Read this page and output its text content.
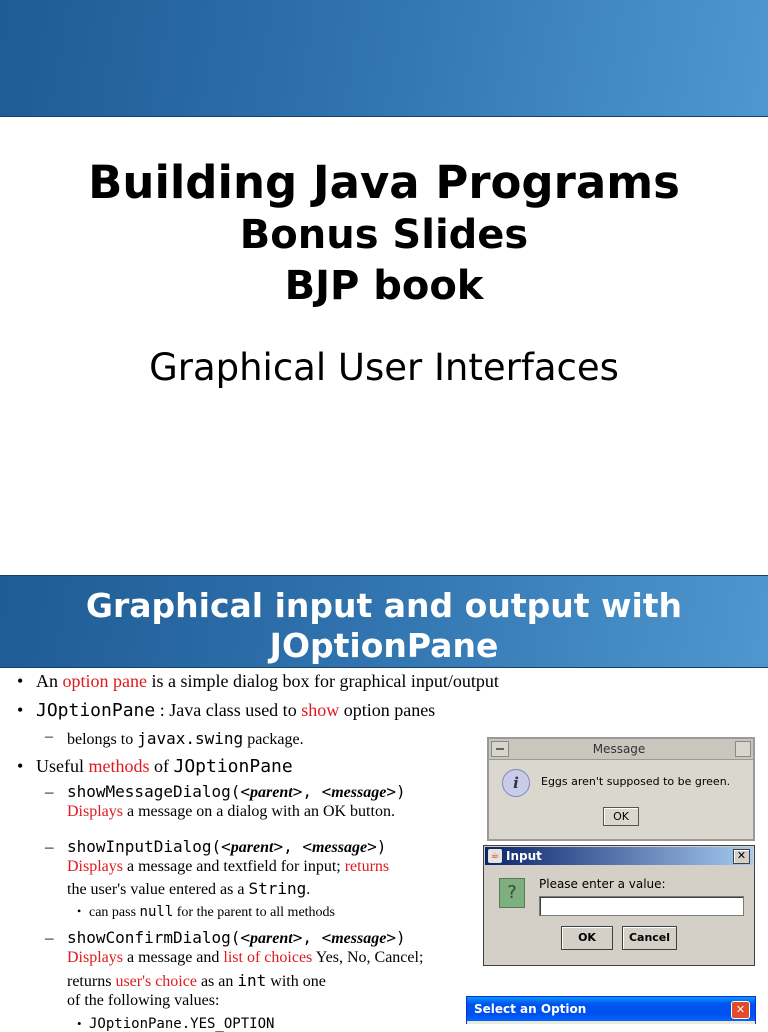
Building Java Programs
Bonus Slides
BJP book
Graphical User Interfaces
Graphical input and output with
JOptionPane
• An option pane is a simple dialog box for graphical input/output
• JOptionPane : Java class used to show option panes
– belongs to javax.swing package.
• Useful methods of JOptionPane
– showMessageDialog(<parent>, <message>)
Displays a message on a dialog with an OK button.
– showInputDialog(<parent>, <message>)
Displays a message and textfield for input; returns
the user's value entered as a String.
• can pass null for the parent to all methods
– showConfirmDialog(<parent>, <message>)
Displays a message and list of choices Yes, No, Cancel;
returns user's choice as an int with one
of the following values:
• JOptionPane.YES_OPTION
Message
i	Eggs aren't supposed to be green.
OK
☕ Input	✕
?	Please enter a value:
OK	Cancel
Select an Option	✕
